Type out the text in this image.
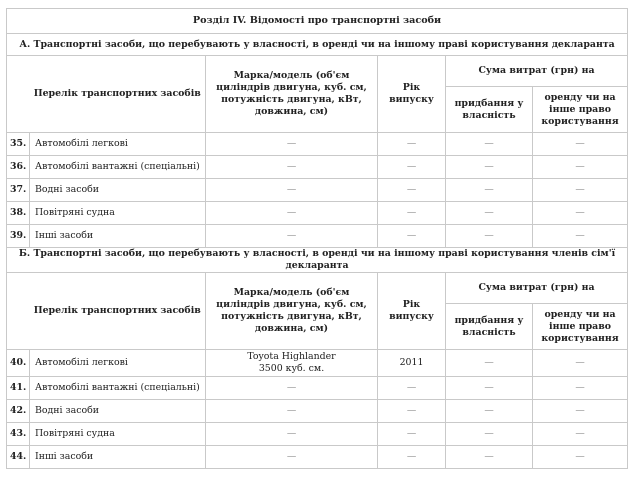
Розділ IV. Відомості про транспортні засоби					
А. Транспортні засоби, що перебувають у власності, в оренді чи на іншому праві користування декларанта					
	Перелік транспортних засобів	Марка/модель (об'єм циліндрів двигуна, куб. см, потужність двигуна, кВт, довжина, см)	Рік випуску	Сума витрат (грн) на	
				придбання у власність	оренду чи на інше право користування
35.	Автомобілі легкові	—	—	—	—
36.	Автомобілі вантажні (спеціальні)	—	—	—	—
37.	Водні засоби	—	—	—	—
38.	Повітряні судна	—	—	—	—
39.	Інші засоби	—	—	—	—
Б. Транспортні засоби, що перебувають у власності, в оренді чи на іншому праві користування членів сім'ї декларанта					
	Перелік транспортних засобів	Марка/модель (об'єм циліндрів двигуна, куб. см, потужність двигуна, кВт, довжина, см)	Рік випуску	Сума витрат (грн) на	
				придбання у власність	оренду чи на інше право користування
40.	Автомобілі легкові	Toyota Highlander
3500 куб. см.	2011	—	—
41.	Автомобілі вантажні (спеціальні)	—	—	—	—
42.	Водні засоби	—	—	—	—
43.	Повітряні судна	—	—	—	—
44.	Інші засоби	—	—	—	—
